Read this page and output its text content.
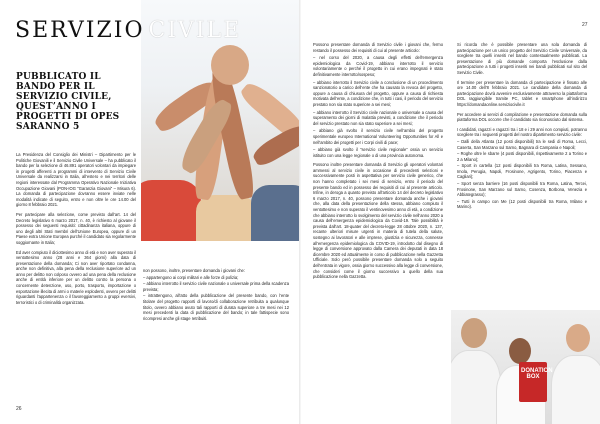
SERVIZIO CIVILE
PUBBLICATO IL BANDO PER IL SERVIZIO CIVILE, QUEST’ANNO I PROGETTI DI OPES SARANNO 5

La Presidenza del Consiglio dei Ministri – Dipartimento per le Politiche Giovanili e il Servizio Civile Universale – ha pubblicato il bando per la selezione di 46.891 operatori volontari da impiegare in progetti afferenti a programmi di intervento di Servizio Civile Universale da realizzarsi in Italia, all’estero e nei territori delle regioni interessate dal Programma Operativo Nazionale Iniziativa Occupazione Giovani (PON-IOG “Garanzia Giovani” – Misura 6). La domanda di partecipazione dovranno essere inviate nelle modalità indicate di seguito, entro e non oltre le ore 14.00 del giorno 8 febbraio 2021.

Per partecipare alla selezione, come previsto dall’art. 14 del Decreto legislativo 6 marzo 2017, n. 40, è richiesto al giovane il possesso dei seguenti requisiti: cittadinanza italiana, oppure di uno degli altri Stati membri dell’Unione Europea, oppure di un Paese extra Unione Europea purché il candidato sia regolarmente soggiornante in Italia;

Ed aver compiuto il diciottesimo anno di età e non aver superato il ventottesimo anno (28 anni e 364 giorni) alla data di presentazione della domanda; Ci non aver riportato condanna, anche non definitiva, alla pena della reclusione superiore ad un anno per delitto non colposo ovvero ad una pena della reclusione anche di entità inferiore per un delitto contro la persona o concernente detenzione, uso, porto, trasporto, importazione o esportazione illecita di armi o materie esplodenti, ovvero per delitti riguardanti l’appartenenza o il favoreggiamento a gruppi eversivi, terroristici o di criminalità organizzata.

non possono, inoltre, presentare domanda i giovani che:

– appartengono ai corpi militari e alle forze di polizia;

– abbiano interrotto il servizio civile nazionale o universale prima della scadenza prevista;

– intrattengono, all’atto della pubblicazione del presente bando, con l’ente titolare del progetto rapporti di lavoro/di collaborazione retribuita a qualunque titolo, ovvero abbiano avuto tali rapporti di durata superiore a tre mesi nei 12 mesi precedenti la data di pubblicazione del bando; in tale fattispecie sono ricompresi anche gli stage retribuiti.

26

Possono presentare domanda di Servizio civile i giovani che, fermo restando il possesso dei requisiti di cui al presente articolo:

– nel corso del 2020, a causa degli effetti dell’emergenza epidemiologica da Covid-19, abbiano interrotto il servizio volontariamente o perché il progetto in cui erano impegnati è stato definitivamente interrotto/sospeso;

– abbiano interrotto il Servizio civile a conclusione di un procedimento sanzionatorio a carico dell’ente che ha causato la revoca del progetto, oppure a causa di chiusura del progetto, oppure a causa di richiesta motivata dell’ente, a condizione che, in tutti i casi, il periodo del servizio prestato non sia stato superiore a sei mesi;

– abbiano interrotto il Servizio civile nazionale o universale a causa del superamento dei giorni di malattia previsti, a condizione che il periodo del servizio prestato non sia stato superiore a sei mesi;

– abbiano già svolto il servizio civile nell’ambio del progetto sperimentale europeo International Volunteering Opportunities for All e nell’ambito dei progetti per i Corpi civili di pace;

– abbiano già svolto il “servizio civile regionale” ossia un servizio istituito con una legge regionale o di una provincia autonoma.

Possono inoltre presentare domanda di Servizio gli operatori volontari ammessi al servizio civile in occasione di precedenti selezioni e successivamente posti in aspettativa per servizio civile generico, che non hanno completato i sei mesi di servizio, entro il periodo del presente bando ed in possesso dei requisiti di cui al presente articolo. Infine, in deroga a quanto previsto all’articolo 14 del decreto legislativo 6 marzo 2017, n. 40, possono presentare domanda anche i giovani che, alla data della presentazione della stessa, abbiano compiuto il ventottesimo e non superato il ventinovesimo anno di età, a condizione che abbiano interrotto lo svolgimento del servizio civile nell’anno 2020 a causa dell’emergenza epidemiologica da Covid-19. Tale possibilità è prevista dall’art. 18-quater del decreto-legge 28 ottobre 2020, n. 137, recante ulteriori misure urgenti in materia di tutela della salute, sostegno ai lavoratori e alle imprese, giustizia e sicurezza, connesse all’emergenza epidemiologica da COVID-19, introdotto dal disegno di legge di conversione approvato dalla Camera dei deputati in data 18 dicembre 2020 ed attualmente in corso di pubblicazione nella Gazzetta Ufficiale. Solo però possibile presentare domanda solo a seguito dell’entrata in vigore, ossia giorno successivo alla legge di conversione, che consideri come il giorno successivo a quello della sua pubblicazione nella Gazzetta.

Si ricorda che è possibile presentare una sola domanda di partecipazione per un unico progetto del Servizio Civile Universale, da scegliere tra quelli inseriti nel bando contestualmente pubblicati. La presentazione di più domande comporta l’esclusione dalla partecipazione a tutti i progetti inseriti nei bandi pubblicati sul sito del Servizio Civile.

Il termine per presentare la domanda di partecipazione è fissato alle ore 14.00 dell’8 febbraio 2021. Le candidate della domanda di partecipazione dovrà avvenire esclusivamente attraverso la piattaforma DOL raggiungibile tramite PC, tablet e smartphone all’indirizzo https://domandaonline.serviziocivile.it

Per accedere ai servizi di compilazione e presentazione domanda sulla piattaforma DOL occorre che il candidato sia riconosciuto dal sistema.

I candidati, ragazzi e ragazzi tra i 18 e i 29 anni non compiuti, potranno scegliere tra i seguenti progetti del nostro dipartimento servizio civile:

– Dalli della Atlanta (12 posti disponibili) tra le sedi di Roma, Lecci, Caserta, San Marzano sul Sarno, Bagnara di Campania e Napoli;

– Roghe oltre le sbarre (4 posti disponibili, rispettivamente 2 a Torino e 2 a Milano);

– Sport in cartella (12 posti disponibili tra Roma, Latina, Sessano, Imola, Perugia, Napoli, Frosinone, Agrigento, Torino, Piacenza e Cagliari);

– Sport senza barriere (16 posti disponibili tra Roma, Latina, Tercei, Frosinone, San Marzano sul Sarno, Cosenza, Borbona, Venezia e Abbiategrasso);

– Tutti in campo con Me (12 posti disponibili tra Roma, Milano e Marino).

DONATION BOX
27
